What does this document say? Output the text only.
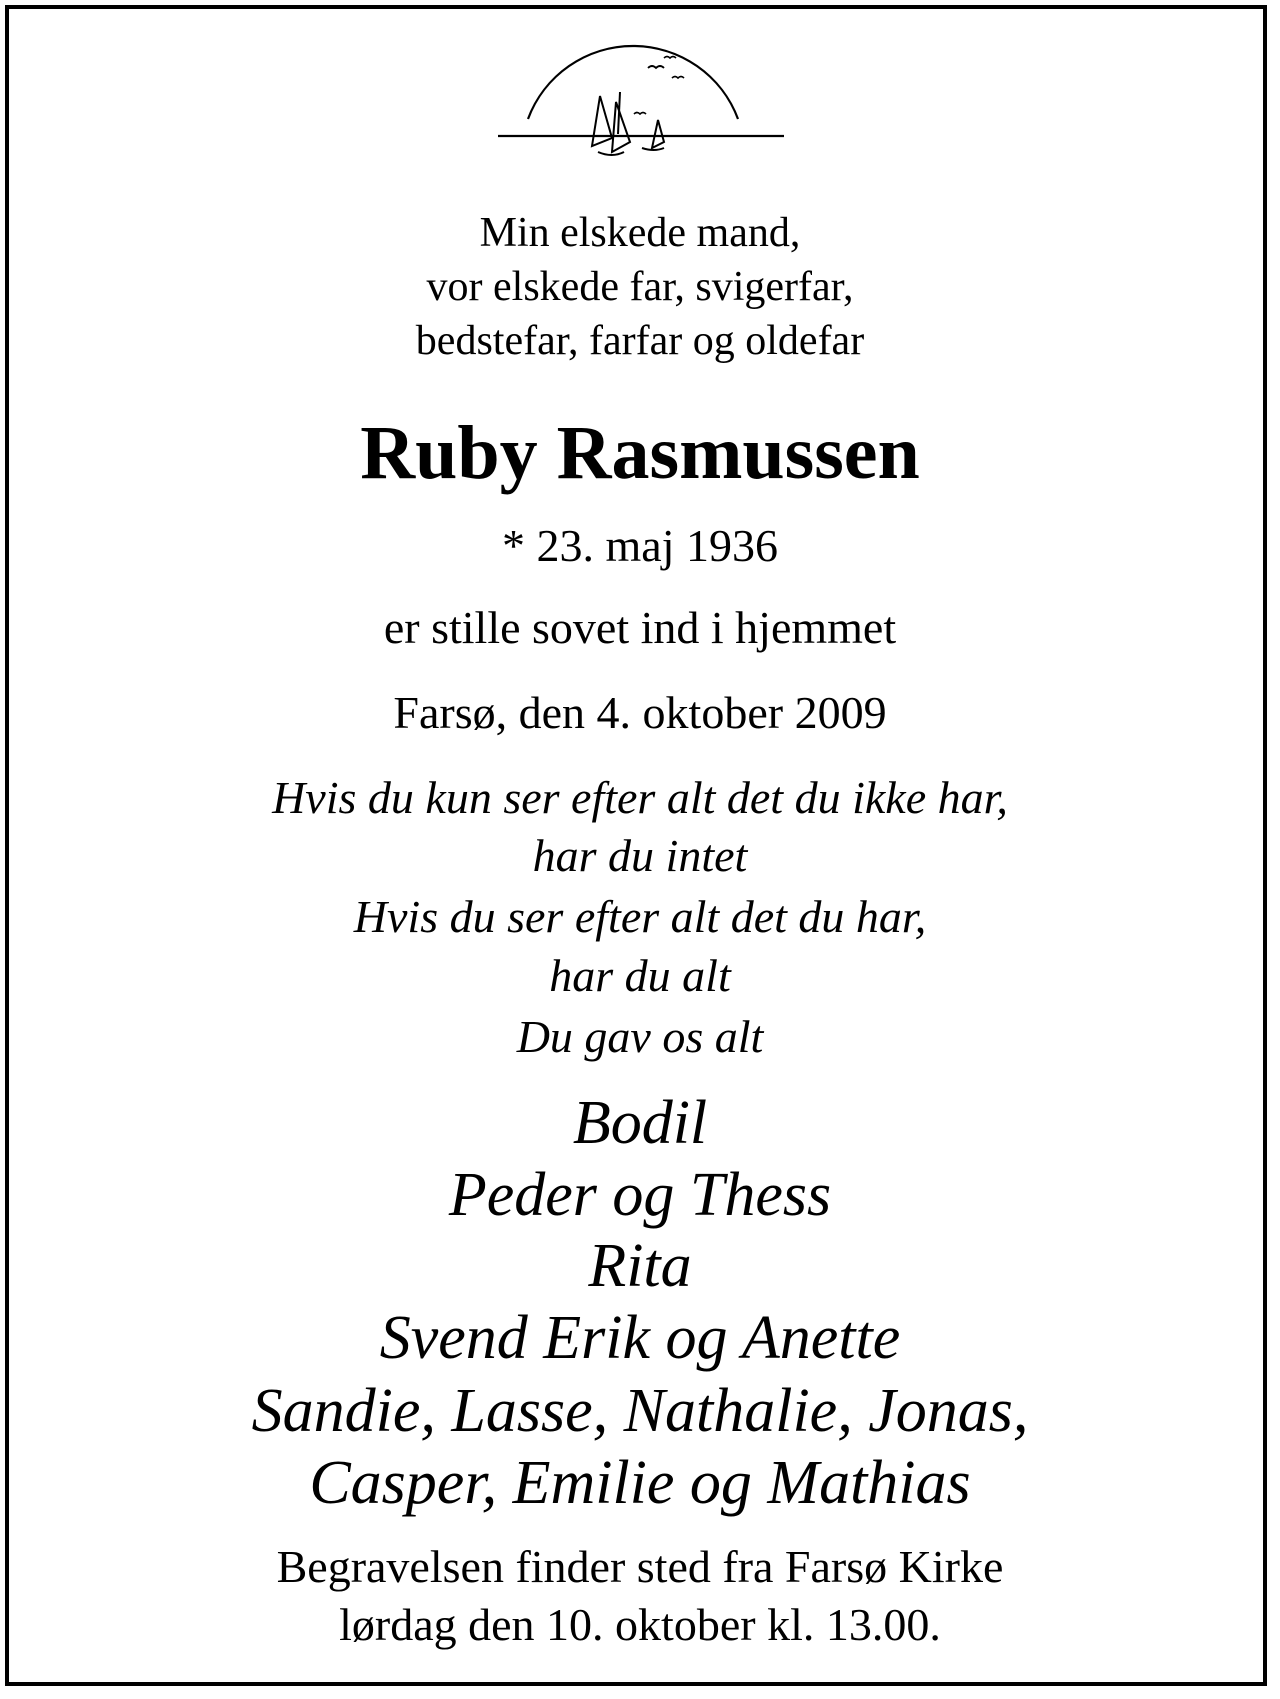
Min elskede mand,
vor elskede far, svigerfar,
bedstefar, farfar og oldefar
Ruby Rasmussen
* 23. maj 1936
er stille sovet ind i hjemmet
Farsø, den 4. oktober 2009
Hvis du kun ser efter alt det du ikke har,
har du intet
Hvis du ser efter alt det du har,
har du alt
Du gav os alt
Bodil
Peder og Thess
Rita
Svend Erik og Anette
Sandie, Lasse, Nathalie, Jonas,
Casper, Emilie og Mathias
Begravelsen finder sted fra Farsø Kirke
lørdag den 10. oktober kl. 13.00.
